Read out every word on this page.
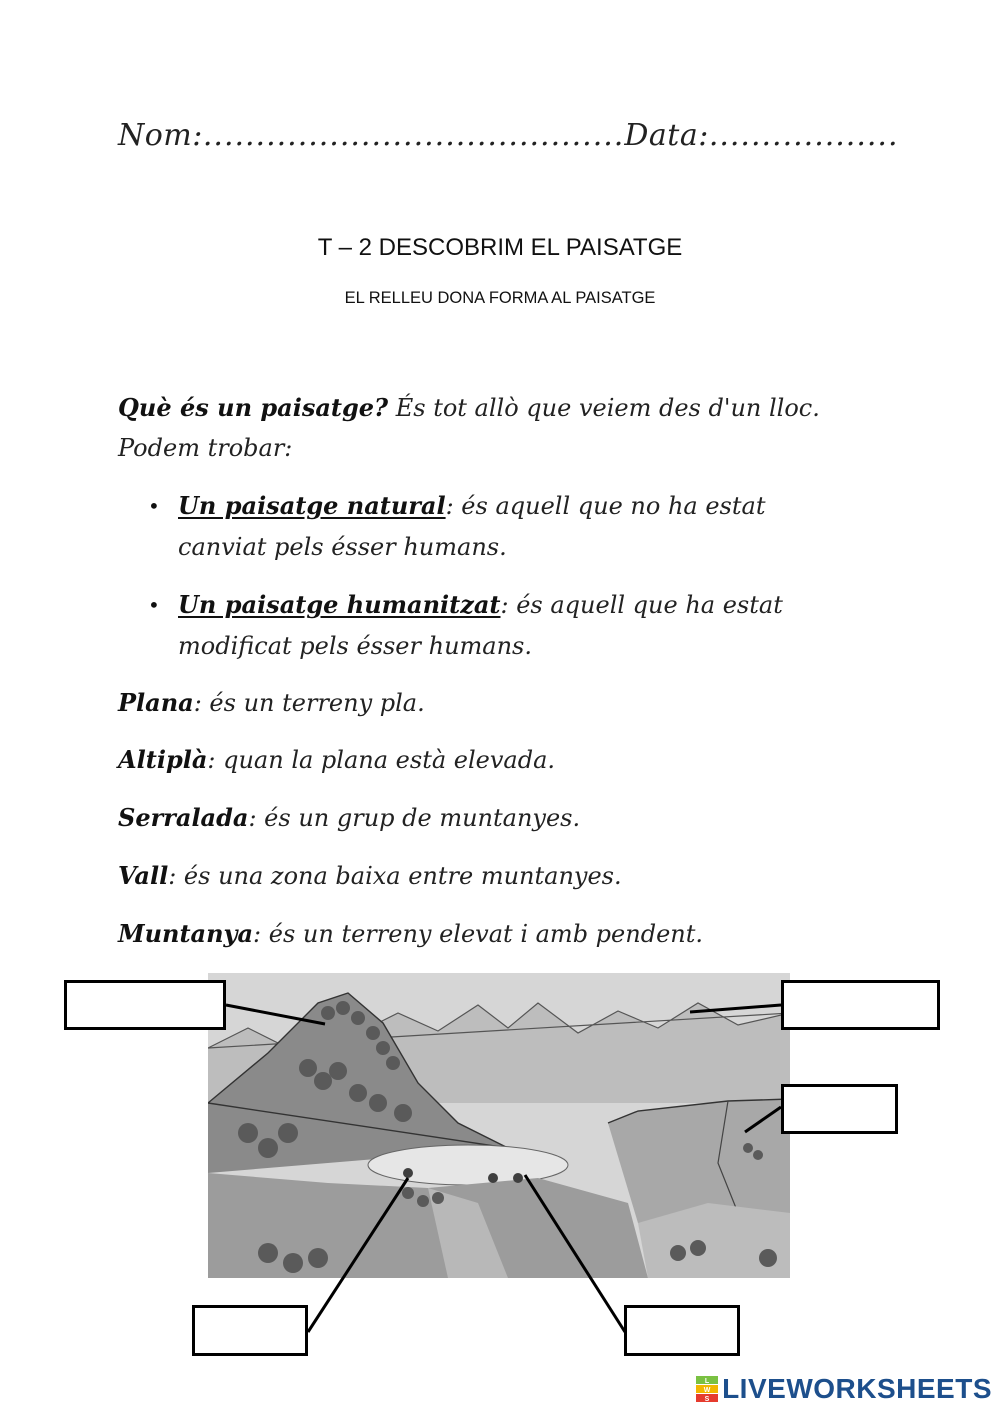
Nom:........................................Data:..................
T – 2 DESCOBRIM EL PAISATGE
EL RELLEU DONA FORMA AL PAISATGE
Què és un paisatge? És tot allò que veiem des d'un lloc.
Podem trobar:
• Un paisatge natural: és aquell que no ha estat
canviat pels ésser humans.
• Un paisatge humanitzat: és aquell que ha estat
modificat pels ésser humans.
Plana: és un terreny pla.
Altiplà: quan la plana està elevada.
Serralada: és un grup de muntanyes.
Vall: és una zona baixa entre muntanyes.
Muntanya: és un terreny elevat i amb pendent.
L
W
S LIVEWORKSHEETS
